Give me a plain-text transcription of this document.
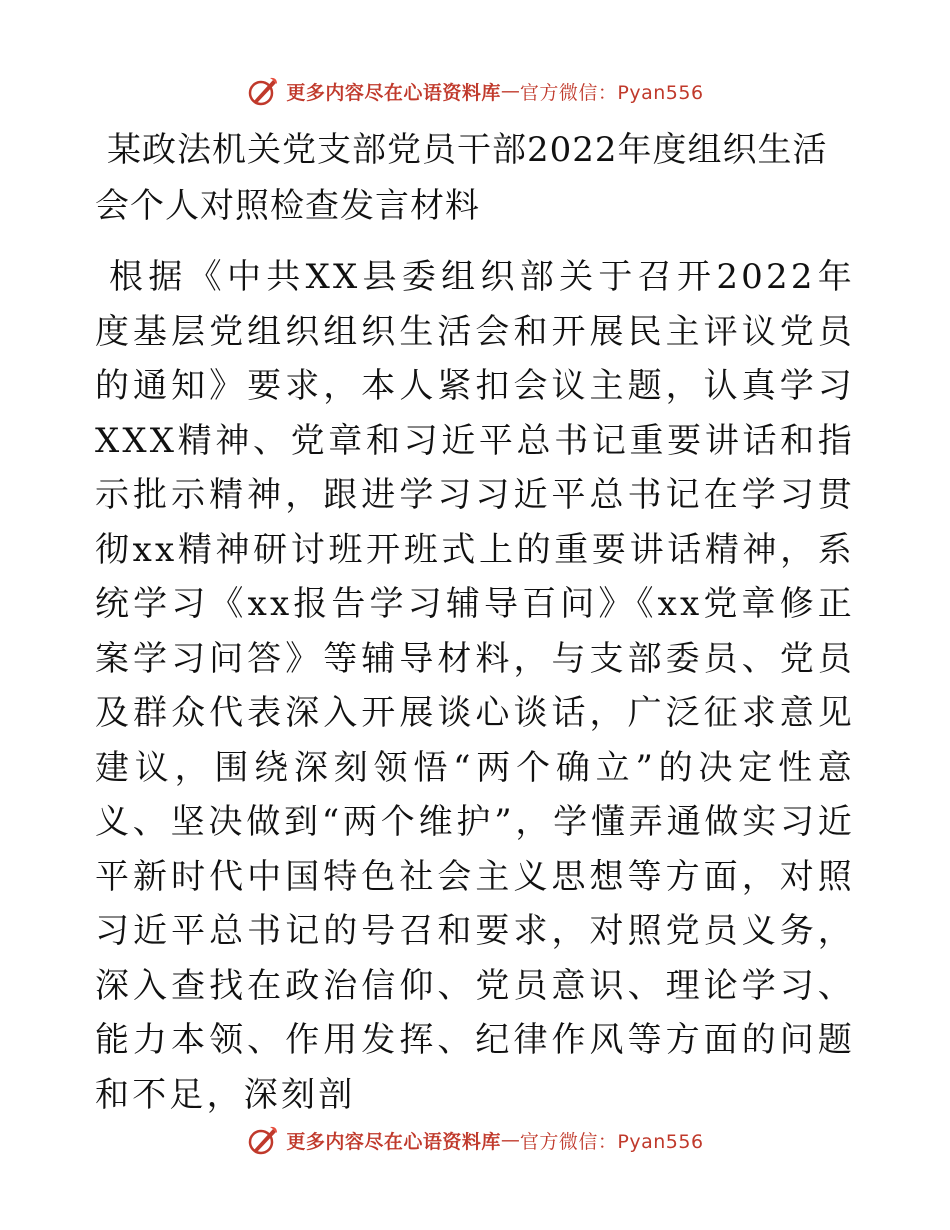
更多内容尽在心语资料库 — 官方微信：Pyan556
某政法机关党支部党员干部2022年度组织生活会个人对照检查发言材料

根据《中共XX县委组织部关于召开2022年度基层党组织组织生活会和开展民主评议党员的通知》要求，本人紧扣会议主题，认真学习XXX精神、党章和习近平总书记重要讲话和指示批示精神，跟进学习习近平总书记在学习贯彻xx精神研讨班开班式上的重要讲话精神，系统学习《xx报告学习辅导百问》《xx党章修正案学习问答》等辅导材料，与支部委员、党员及群众代表深入开展谈心谈话，广泛征求意见建议，围绕深刻领悟“两个确立”的决定性意义、坚决做到“两个维护”，学懂弄通做实习近平新时代中国特色社会主义思想等方面，对照习近平总书记的号召和要求，对照党员义务，深入查找在政治信仰、党员意识、理论学习、能力本领、作用发挥、纪律作风等方面的问题和不足，深刻剖

更多内容尽在心语资料库 — 官方微信：Pyan556
